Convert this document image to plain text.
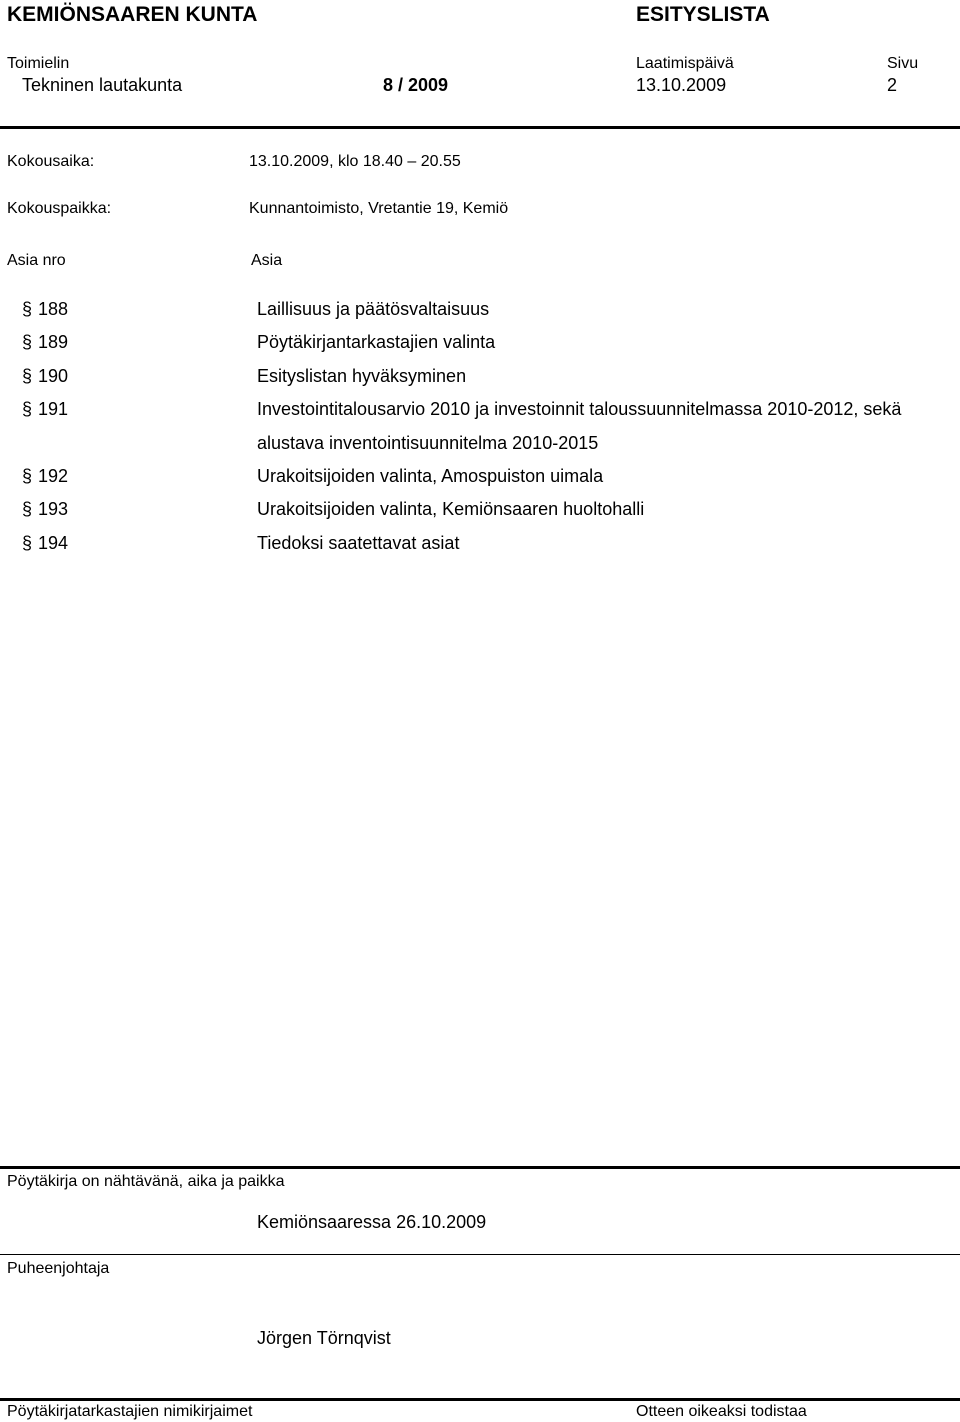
KEMIÖNSAAREN KUNTA	ESITYSLISTA
Toimielin	Laatimispäivä	Sivu
Tekninen lautakunta	8 / 2009	13.10.2009	2
Kokousaika:	13.10.2009, klo 18.40 – 20.55
Kokouspaikka:	Kunnantoimisto, Vretantie 19, Kemiö
Asia nro	Asia
§ 188	Laillisuus ja päätösvaltaisuus
§ 189	Pöytäkirjantarkastajien valinta
§ 190	Esityslistan hyväksyminen
§ 191	Investointitalousarvio 2010 ja investoinnit taloussuunnitelmassa 2010-2012, sekä
alustava inventointisuunnitelma 2010-2015
§ 192	Urakoitsijoiden valinta, Amospuiston uimala
§ 193	Urakoitsijoiden valinta, Kemiönsaaren huoltohalli
§ 194	Tiedoksi saatettavat asiat
Pöytäkirja on nähtävänä, aika ja paikka
Kemiönsaaressa 26.10.2009
Puheenjohtaja
Jörgen Törnqvist
Pöytäkirjatarkastajien nimikirjaimet	Otteen oikeaksi todistaa
